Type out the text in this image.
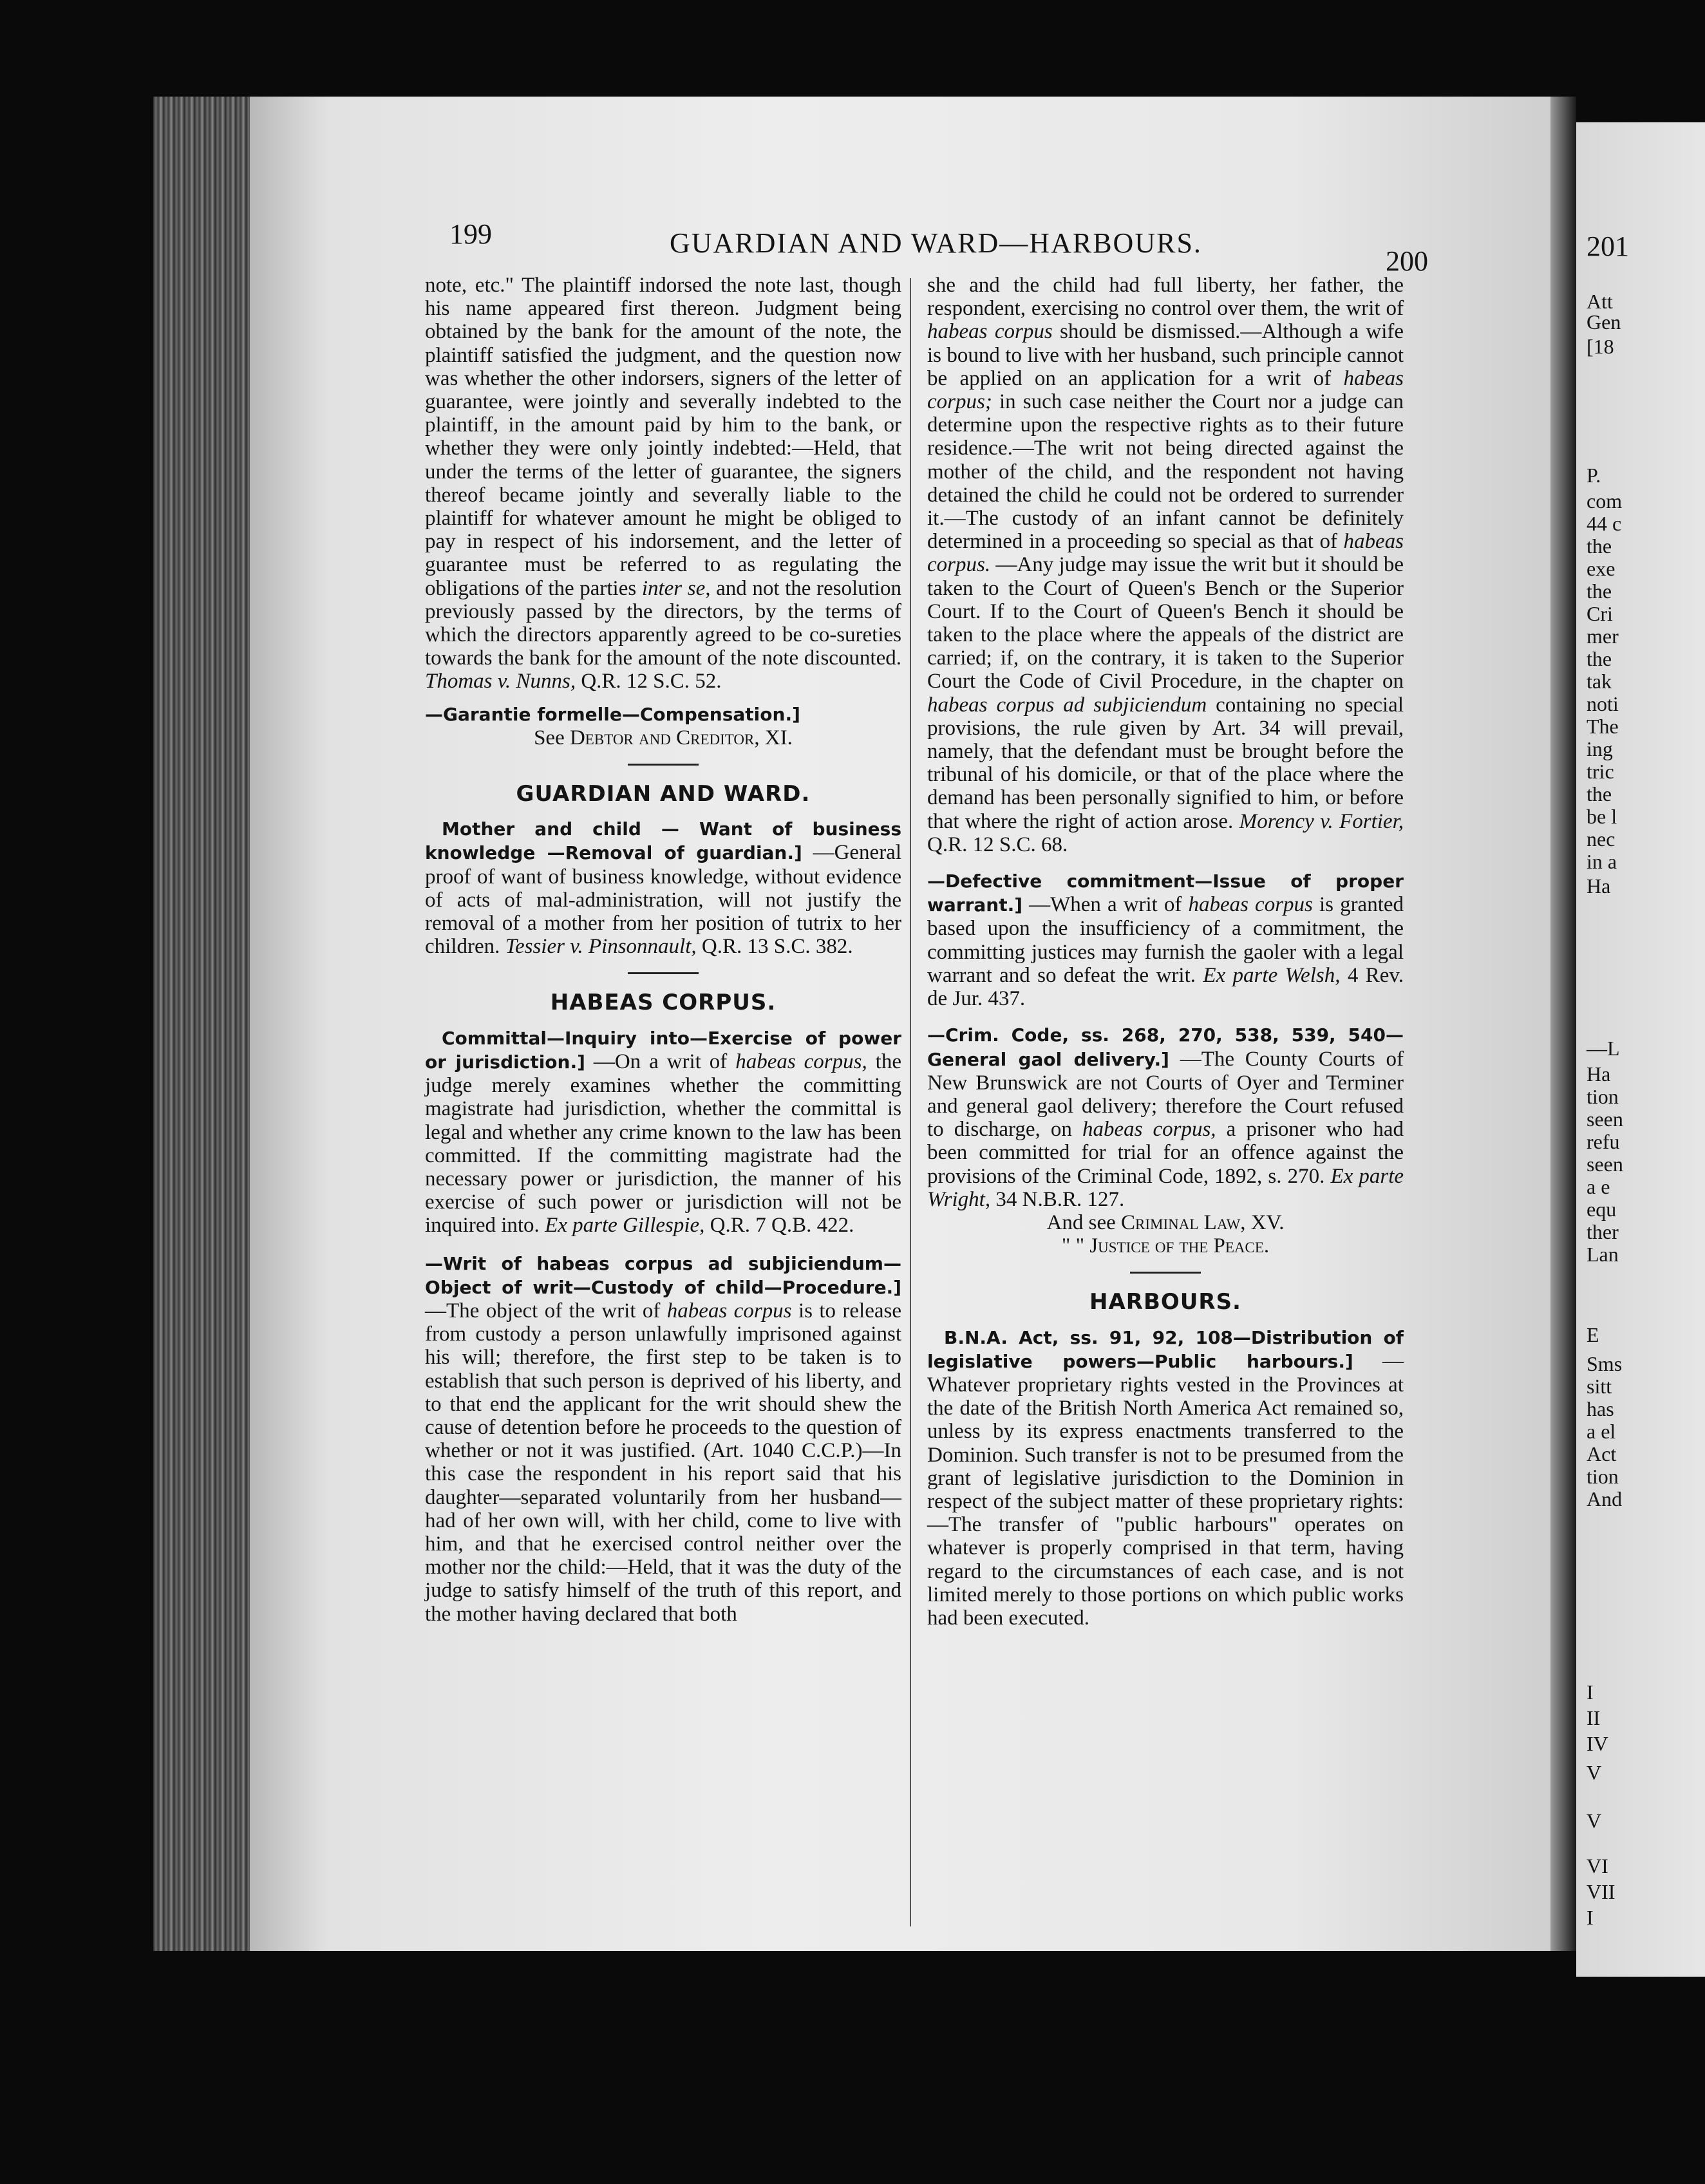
199	GUARDIAN AND WARD—HARBOURS.
200

note, etc." The plaintiff indorsed the note last, though his name appeared first thereon. Judgment being obtained by the bank for the amount of the note, the plaintiff satisfied the judgment, and the question now was whether the other indorsers, signers of the letter of guarantee, were jointly and severally indebted to the plaintiff, in the amount paid by him to the bank, or whether they were only jointly indebted:—Held, that under the terms of the letter of guarantee, the signers thereof became jointly and severally liable to the plaintiff for whatever amount he might be obliged to pay in respect of his indorsement, and the letter of guarantee must be referred to as regulating the obligations of the parties inter se, and not the resolution previously passed by the directors, by the terms of which the directors apparently agreed to be co-sureties towards the bank for the amount of the note discounted. Thomas v. Nunns, Q.R. 12 S.C. 52.

—Garantie formelle—Compensation.]

See Debtor and Creditor, XI.

GUARDIAN AND WARD.

Mother and child — Want of business knowledge —Removal of guardian.] —General proof of want of business knowledge, without evidence of acts of mal-administration, will not justify the removal of a mother from her position of tutrix to her children. Tessier v. Pinsonnault, Q.R. 13 S.C. 382.

HABEAS CORPUS.

Committal—Inquiry into—Exercise of power or jurisdiction.] —On a writ of habeas corpus, the judge merely examines whether the committing magistrate had jurisdiction, whether the committal is legal and whether any crime known to the law has been committed. If the committing magistrate had the necessary power or jurisdiction, the manner of his exercise of such power or jurisdiction will not be inquired into. Ex parte Gillespie, Q.R. 7 Q.B. 422.

—Writ of habeas corpus ad subjiciendum—Object of writ—Custody of child—Procedure.] —The object of the writ of habeas corpus is to release from custody a person unlawfully imprisoned against his will; therefore, the first step to be taken is to establish that such person is deprived of his liberty, and to that end the applicant for the writ should shew the cause of detention before he proceeds to the question of whether or not it was justified. (Art. 1040 C.C.P.)—In this case the respondent in his report said that his daughter—separated voluntarily from her husband—had of her own will, with her child, come to live with him, and that he exercised control neither over the mother nor the child:—Held, that it was the duty of the judge to satisfy himself of the truth of this report, and the mother having declared that both

she and the child had full liberty, her father, the respondent, exercising no control over them, the writ of habeas corpus should be dismissed.—Although a wife is bound to live with her husband, such principle cannot be applied on an application for a writ of habeas corpus; in such case neither the Court nor a judge can determine upon the respective rights as to their future residence.—The writ not being directed against the mother of the child, and the respondent not having detained the child he could not be ordered to surrender it.—The custody of an infant cannot be definitely determined in a proceeding so special as that of habeas corpus. —Any judge may issue the writ but it should be taken to the Court of Queen's Bench or the Superior Court. If to the Court of Queen's Bench it should be taken to the place where the appeals of the district are carried; if, on the contrary, it is taken to the Superior Court the Code of Civil Procedure, in the chapter on habeas corpus ad subjiciendum containing no special provisions, the rule given by Art. 34 will prevail, namely, that the defendant must be brought before the tribunal of his domicile, or that of the place where the demand has been personally signified to him, or before that where the right of action arose. Morency v. Fortier, Q.R. 12 S.C. 68.

—Defective commitment—Issue of proper warrant.] —When a writ of habeas corpus is granted based upon the insufficiency of a commitment, the committing justices may furnish the gaoler with a legal warrant and so defeat the writ. Ex parte Welsh, 4 Rev. de Jur. 437.

—Crim. Code, ss. 268, 270, 538, 539, 540—General gaol delivery.] —The County Courts of New Brunswick are not Courts of Oyer and Terminer and general gaol delivery; therefore the Court refused to discharge, on habeas corpus, a prisoner who had been committed for trial for an offence against the provisions of the Criminal Code, 1892, s. 270. Ex parte Wright, 34 N.B.R. 127.

And see Criminal Law, XV.

" " Justice of the Peace.

HARBOURS.

B.N.A. Act, ss. 91, 92, 108—Distribution of legislative powers—Public harbours.] —Whatever proprietary rights vested in the Provinces at the date of the British North America Act remained so, unless by its express enactments transferred to the Dominion. Such transfer is not to be presumed from the grant of legislative jurisdiction to the Dominion in respect of the subject matter of these proprietary rights:—The transfer of "public harbours" operates on whatever is properly comprised in that term, having regard to the circumstances of each case, and is not limited merely to those portions on which public works had been executed.

201
Att
Gen
[18
P.
com
44 c
the
exe
the
Cri
mer
the
tak
noti
The
ing
tric
the
be l
nec
in a
Ha
—L
Ha
tion
seen
refu
seen
a e
equ
ther
Lan
E
Sms
sitt
has
a el
Act
tion
And
I
II
IV
V
V
VI
VII
I
